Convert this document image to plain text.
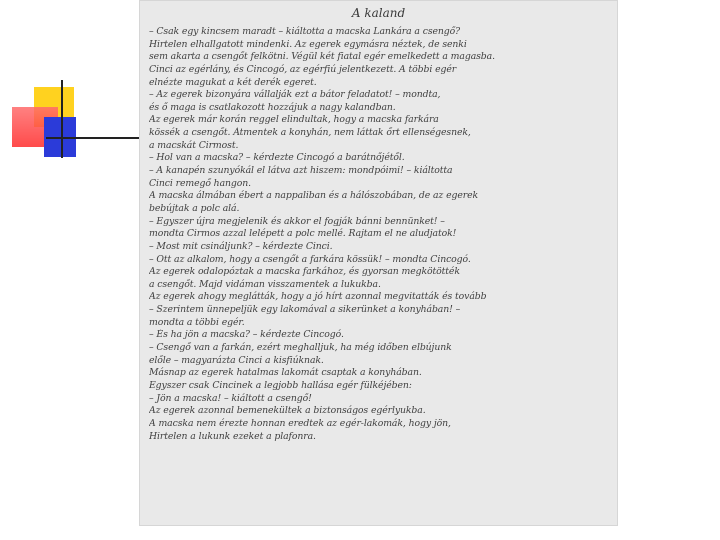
A kaland
– Csak egy kincsem maradt – kiáltotta a macska Lankára a csengő?
Hirtelen elhallgatott mindenki. Az egerek egymásra néztek, de senki
sem akarta a csengőt felkötni. Végül két fiatal egér emelkedett a magasba.
Cinci az egérlány, és Cincogó, az egérfiú jelentkezett. A többi egér
elnézte magukat a két derék egeret.
– Az egerek bizonyára vállalják ezt a bátor feladatot! – mondta,
és ő maga is csatlakozott hozzájuk a nagy kalandban.
Az egerek már korán reggel elindultak, hogy a macska farkára
kössék a csengőt. Átmentek a konyhán, nem láttak őrt ellenségesnek,
a macskát Cirmost.
– Hol van a macska? – kérdezte Cincogó a barátnőjétől.
– A kanapén szunyókál el látva azt hiszem: mondpóimi! – kiáltotta
Cinci remegő hangon.
A macska álmában ébert a nappaliban és a hálószobában, de az egerek
bebújtak a polc alá.
– Egyszer újra megjelenik és akkor el fogják bánni bennünket! –
mondta Cirmos azzal lelépett a polc mellé. Rajtam el ne aludjatok!
– Most mit csináljunk? – kérdezte Cinci.
– Ott az alkalom, hogy a csengőt a farkára kössük! – mondta Cincogó.
Az egerek odalopóztak a macska farkához, és gyorsan megkötötték
a csengőt. Majd vidáman visszamentek a lukukba.
Az egerek ahogy meglátták, hogy a jó hírt azonnal megvitatták és tovább
– Szerintem ünnepeljük egy lakomával a sikerünket a konyhában! –
mondta a többi egér.
– És ha jön a macska? – kérdezte Cincogó.
– Csengő van a farkán, ezért meghalljuk, ha még időben elbújunk
előle – magyarázta Cinci a kisfiúknak.
Másnap az egerek hatalmas lakomát csaptak a konyhában.
Egyszer csak Cincinek a legjobb hallása egér fülkéjében:
– Jön a macska! – kiáltott a csengő!
Az egerek azonnal bemenekültek a biztonságos egérlyukba.
A macska nem érezte honnan eredtek az egér-lakomák, hogy jön,
Hirtelen a lukunk ezeket a plafonra.
